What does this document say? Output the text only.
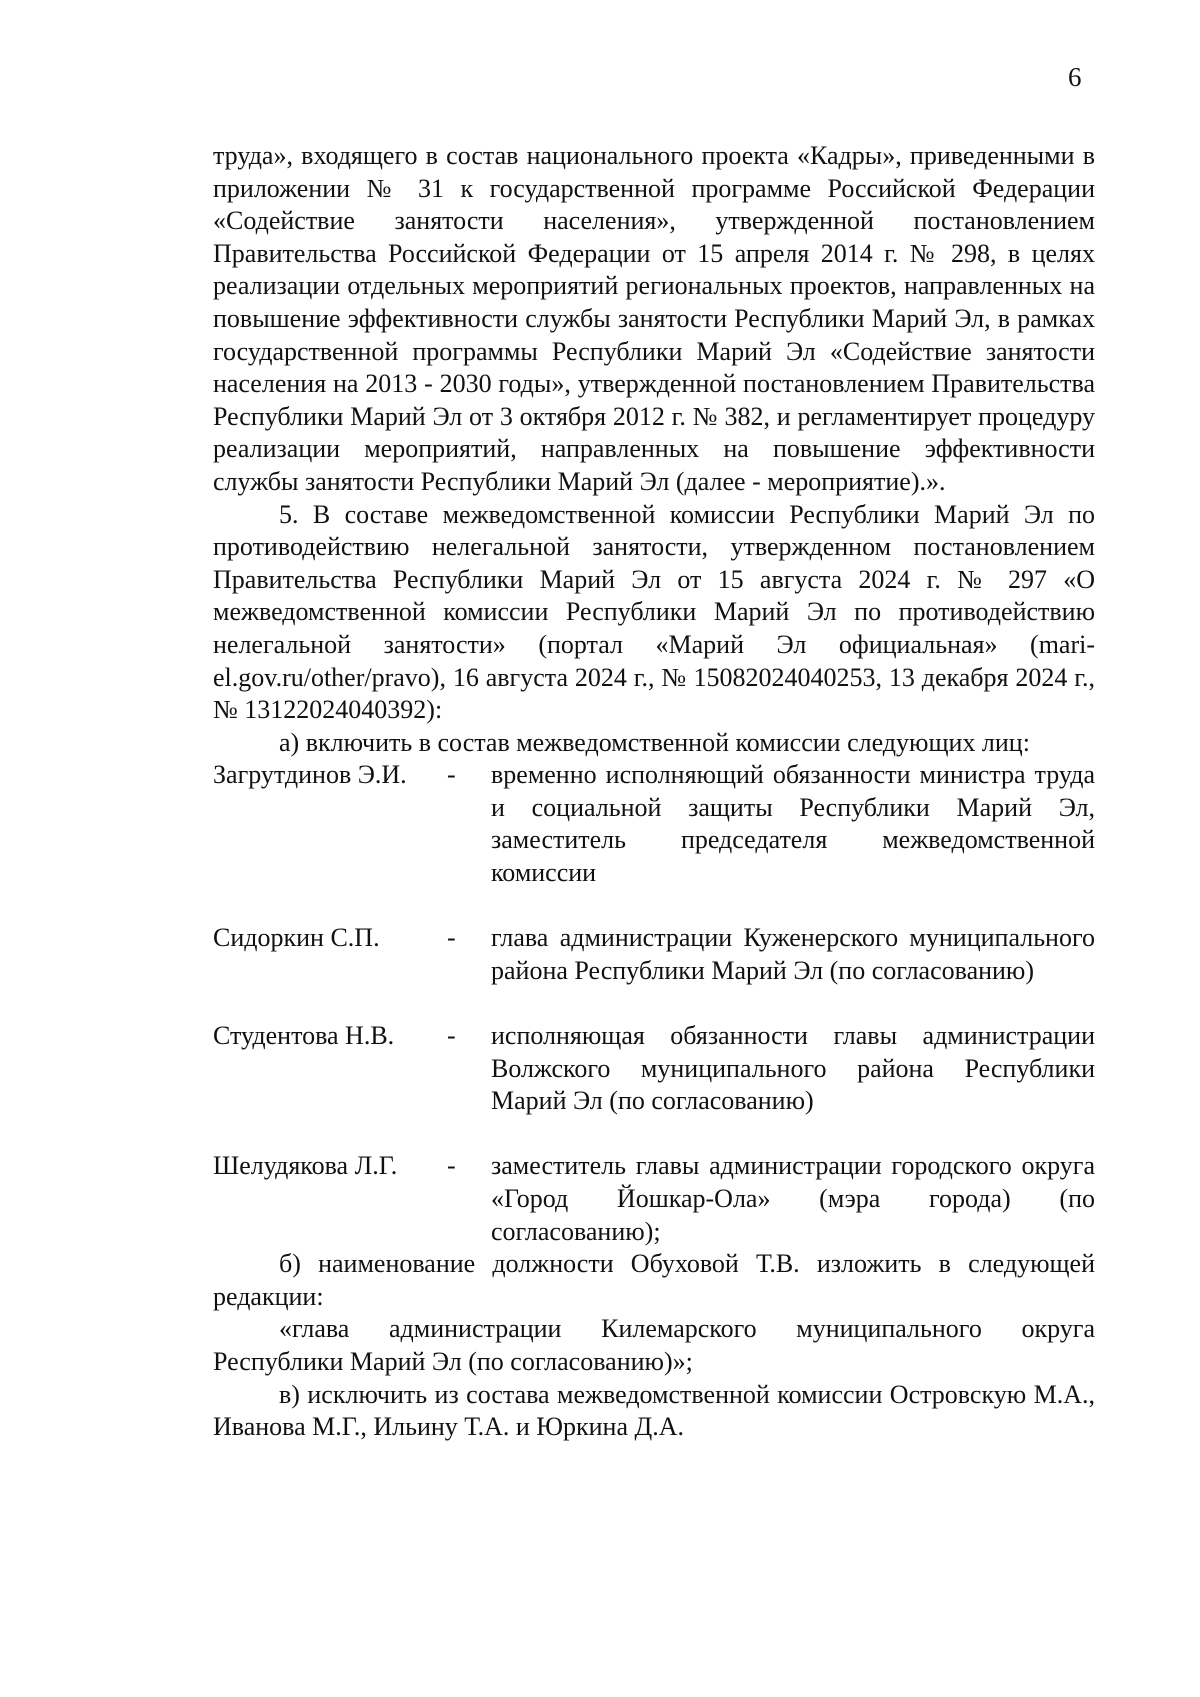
6

труда», входящего в состав национального проекта «Кадры», приведенными в приложении № 31 к государственной программе Российской Федерации «Содействие занятости населения», утвержденной постановлением Правительства Российской Федерации от 15 апреля 2014 г. № 298, в целях реализации отдельных мероприятий региональных проектов, направленных на повышение эффективности службы занятости Республики Марий Эл, в рамках государственной программы Республики Марий Эл «Содействие занятости населения на 2013 - 2030 годы», утвержденной постановлением Правительства Республики Марий Эл от 3 октября 2012 г. № 382, и регламентирует процедуру реализации мероприятий, направленных на повышение эффективности службы занятости Республики Марий Эл (далее - мероприятие).».

5. В составе межведомственной комиссии Республики Марий Эл по противодействию нелегальной занятости, утвержденном постановлением Правительства Республики Марий Эл от 15 августа 2024 г. № 297 «О межведомственной комиссии Республики Марий Эл по противодействию нелегальной занятости» (портал «Марий Эл официальная» (mari-el.gov.ru/other/pravo), 16 августа 2024 г., № 15082024040253, 13 декабря 2024 г., № 13122024040392):

а) включить в состав межведомственной комиссии следующих лиц:

Загрутдинов Э.И.	-	временно исполняющий обязанности министра труда и социальной защиты Республики Марий Эл, заместитель председателя межведомственной комиссии
Сидоркин С.П.	-	глава администрации Куженерского муниципального района Республики Марий Эл (по согласованию)
Студентова Н.В.	-	исполняющая обязанности главы администрации Волжского муниципального района Республики Марий Эл (по согласованию)
Шелудякова Л.Г.	-	заместитель главы администрации городского округа «Город Йошкар-Ола» (мэра города) (по согласованию);

б) наименование должности Обуховой Т.В. изложить в следующей редакции:

«глава администрации Килемарского муниципального округа Республики Марий Эл (по согласованию)»;

в) исключить из состава межведомственной комиссии Островскую М.А., Иванова М.Г., Ильину Т.А. и Юркина Д.А.
